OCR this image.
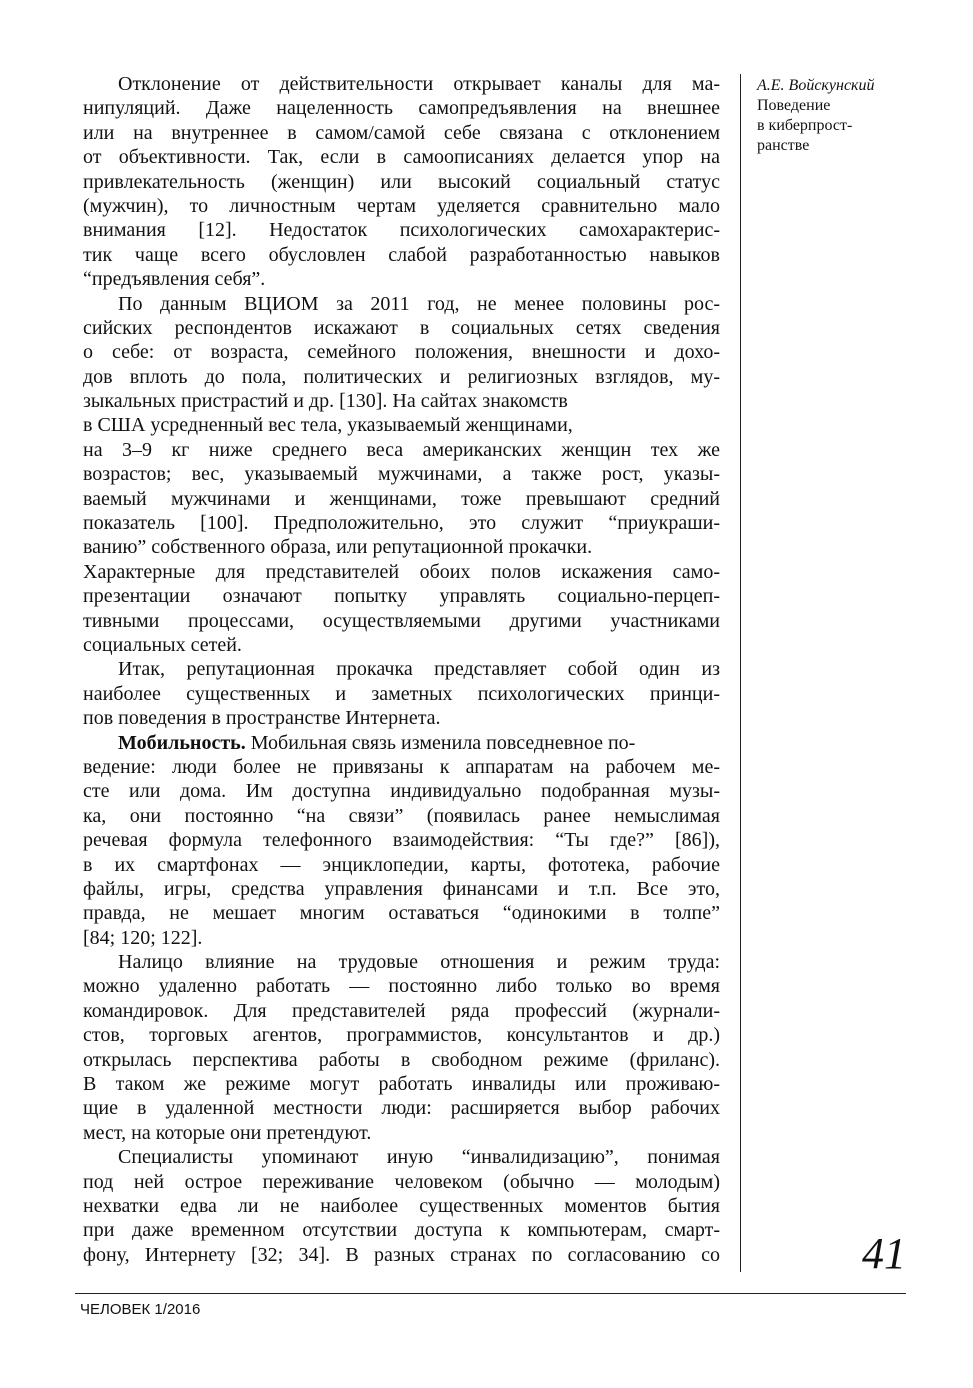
Отклонение от действительности открывает каналы для ма-
нипуляций. Даже нацеленность самопредъявления на внешнее
или на внутреннее в самом/самой себе связана с отклонением
от объективности. Так, если в самоописаниях делается упор на
привлекательность (женщин) или высокий социальный статус
(мужчин), то личностным чертам уделяется сравнительно мало
внимания [12]. Недостаток психологических самохарактерис-
тик чаще всего обусловлен слабой разработанностью навыков
“предъявления себя”.
По данным ВЦИОМ за 2011 год, не менее половины рос-
сийских респондентов искажают в социальных сетях сведения
о себе: от возраста, семейного положения, внешности и дохо-
дов вплоть до пола, политических и религиозных взглядов, му-
зыкальных пристрастий и др. [130]. На сайтах знакомств
в США усредненный вес тела, указываемый женщинами,
на 3–9 кг ниже среднего веса американских женщин тех же
возрастов; вес, указываемый мужчинами, а также рост, указы-
ваемый мужчинами и женщинами, тоже превышают средний
показатель [100]. Предположительно, это служит “приукраши-
ванию” собственного образа, или репутационной прокачки.
Характерные для представителей обоих полов искажения само-
презентации означают попытку управлять социально-перцеп-
тивными процессами, осуществляемыми другими участниками
социальных сетей.
Итак, репутационная прокачка представляет собой один из
наиболее существенных и заметных психологических принци-
пов поведения в пространстве Интернета.
Мобильность. Мобильная связь изменила повседневное по-
ведение: люди более не привязаны к аппаратам на рабочем ме-
сте или дома. Им доступна индивидуально подобранная музы-
ка, они постоянно “на связи” (появилась ранее немыслимая
речевая формула телефонного взаимодействия: “Ты где?” [86]),
в их смартфонах — энциклопедии, карты, фототека, рабочие
файлы, игры, средства управления финансами и т.п. Все это,
правда, не мешает многим оставаться “одинокими в толпе”
[84; 120; 122].
Налицо влияние на трудовые отношения и режим труда:
можно удаленно работать — постоянно либо только во время
командировок. Для представителей ряда профессий (журнали-
стов, торговых агентов, программистов, консультантов и др.)
открылась перспектива работы в свободном режиме (фриланс).
В таком же режиме могут работать инвалиды или проживаю-
щие в удаленной местности люди: расширяется выбор рабочих
мест, на которые они претендуют.
Специалисты упоминают иную “инвалидизацию”, понимая
под ней острое переживание человеком (обычно — молодым)
нехватки едва ли не наиболее существенных моментов бытия
при даже временном отсутствии доступа к компьютерам, смарт-
фону, Интернету [32; 34]. В разных странах по согласованию со
А.Е. Войскунский
Поведение
в киберпрост-
ранстве
41
ЧЕЛОВЕК 1/2016
